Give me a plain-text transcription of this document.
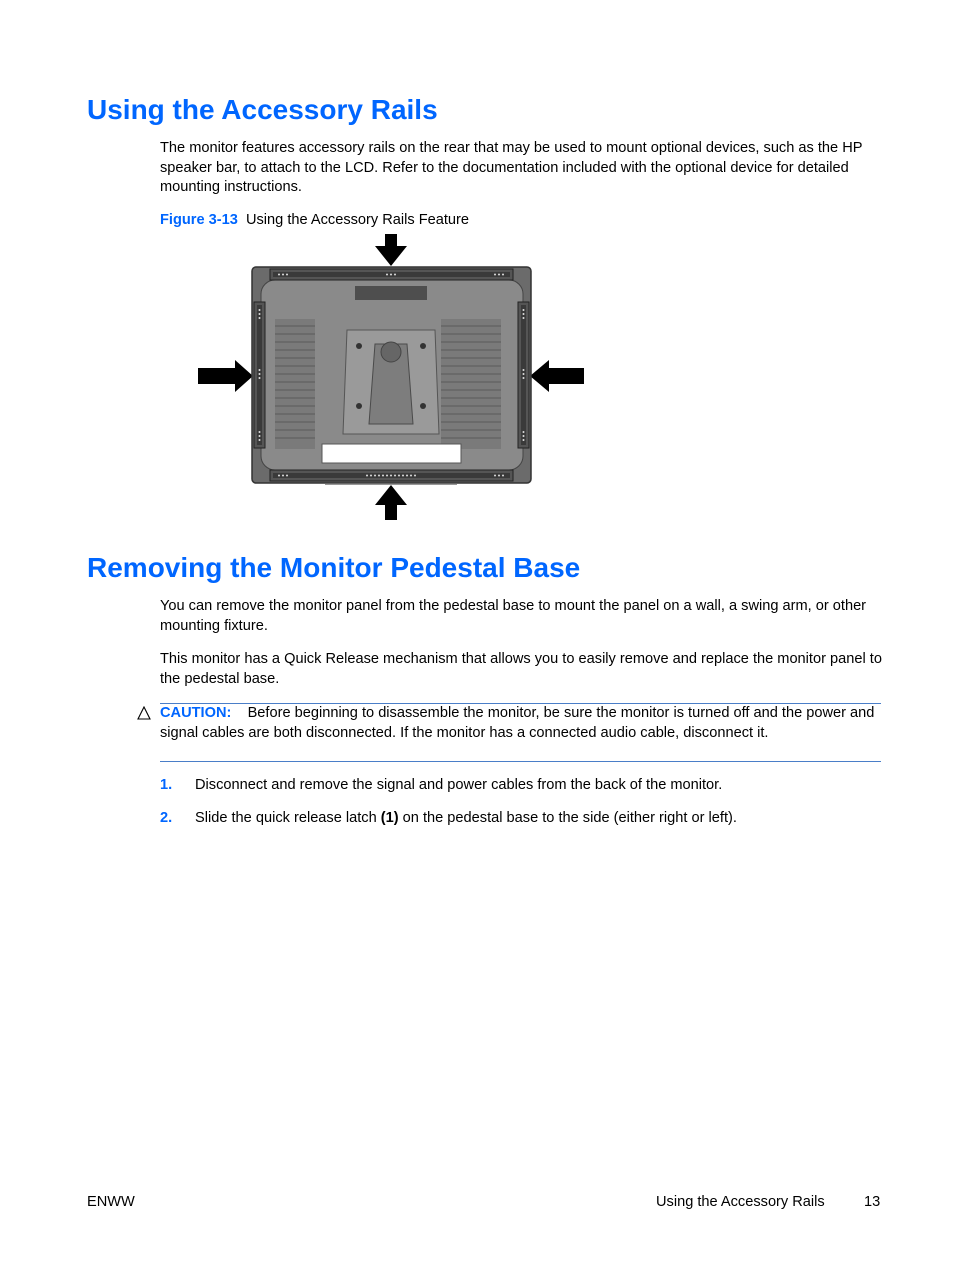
Using the Accessory Rails

The monitor features accessory rails on the rear that may be used to mount optional devices, such as the HP speaker bar, to attach to the LCD. Refer to the documentation included with the optional device for detailed mounting instructions.

Figure 3-13 Using the Accessory Rails Feature
Removing the Monitor Pedestal Base

You can remove the monitor panel from the pedestal base to mount the panel on a wall, a swing arm, or other mounting fixture.

This monitor has a Quick Release mechanism that allows you to easily remove and replace the monitor panel to the pedestal base.

CAUTION: Before beginning to disassemble the monitor, be sure the monitor is turned off and the power and signal cables are both disconnected. If the monitor has a connected audio cable, disconnect it.
1. Disconnect and remove the signal and power cables from the back of the monitor.
2. Slide the quick release latch (1) on the pedestal base to the side (either right or left).
ENWW	Using the Accessory Rails	13
